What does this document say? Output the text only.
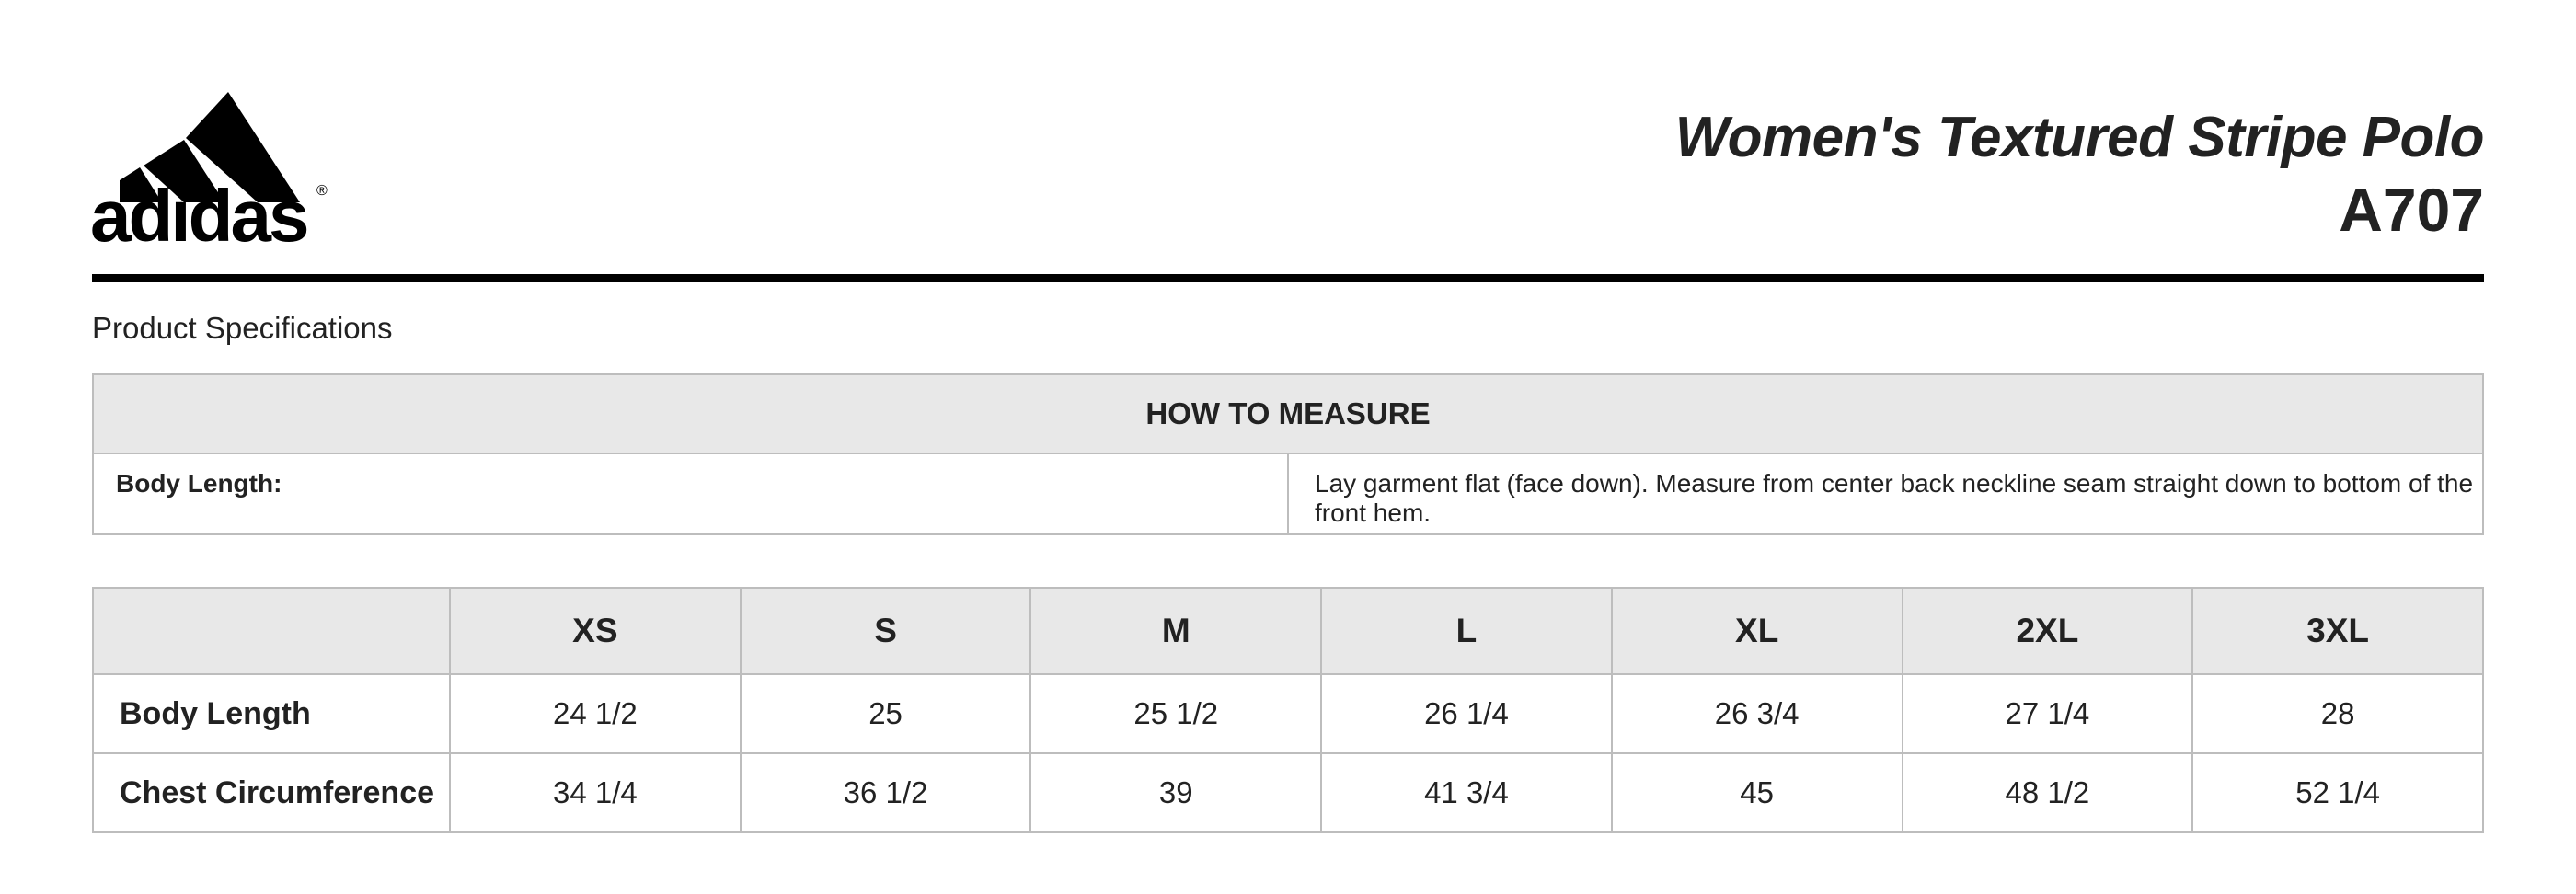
adidas ®
Women's Textured Stripe Polo
A707
Product Specifications
HOW TO MEASURE
Body Length:	Lay garment flat (face down). Measure from center back neckline seam straight down to bottom of the front hem.
	XS	S	M	L	XL	2XL	3XL
Body Length	24 1/2	25	25 1/2	26 1/4	26 3/4	27 1/4	28
Chest Circumference	34 1/4	36 1/2	39	41 3/4	45	48 1/2	52 1/4
